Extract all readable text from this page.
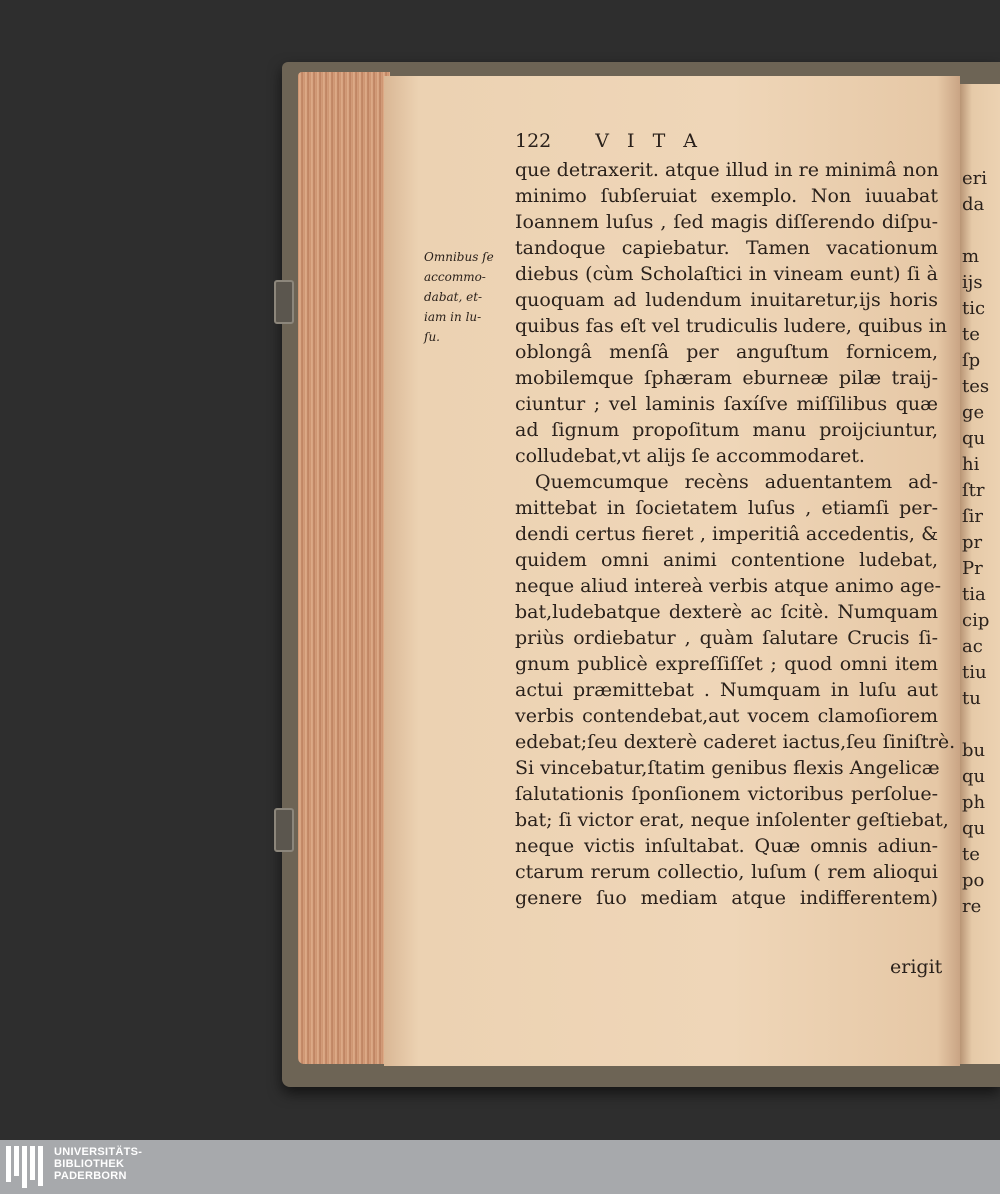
122 V I T A
que detraxerit. atque illud in re minimâ non
minimo ſubſeruiat exemplo. Non iuuabat
Ioannem luſus , ſed magis diſſerendo diſpu-
tandoque capiebatur. Tamen vacationum
diebus (cùm Scholaſtici in vineam eunt) ſi à
quoquam ad ludendum inuitaretur,ijs horis
quibus fas eſt vel trudiculis ludere, quibus in
oblongâ menſâ per anguſtum fornicem,
mobilemque ſphæram eburneæ pilæ traij-
ciuntur ; vel laminis ſaxíſve miſſilibus quæ
ad ſignum propoſitum manu proijciuntur,
colludebat,vt alijs ſe accommodaret.
Quemcumque recèns aduentantem ad-
mittebat in ſocietatem luſus , etiamſi per-
dendi certus fieret , imperitiâ accedentis, &
quidem omni animi contentione ludebat,
neque aliud intereà verbis atque animo age-
bat,ludebatque dexterè ac ſcitè. Numquam
priùs ordiebatur , quàm ſalutare Crucis ſi-
gnum publicè expreſſiſſet ; quod omni item
actui præmittebat . Numquam in luſu aut
verbis contendebat,aut vocem clamoſiorem
edebat;ſeu dexterè caderet iactus,ſeu ſiniſtrè.
Si vincebatur,ſtatim genibus flexis Angelicæ
ſalutationis ſponſionem victoribus perſolue-
bat; ſi victor erat, neque inſolenter geſtiebat,
neque victis inſultabat. Quæ omnis adiun-
ctarum rerum collectio, luſum ( rem alioqui
genere ſuo mediam atque indifferentem)
Omnibus ſe
accommo-
dabat, et-
iam in lu-
ſu.
eri
da
m
ijs
tic
te
ſp
tes
ge
qu
hi
ſtr
ſir
pr
Pr
tia
cip
ac
tiu
tu
bu
qu
ph
qu
te
po
re
erigit
UNIVERSITÄTS-
BIBLIOTHEK
PADERBORN
